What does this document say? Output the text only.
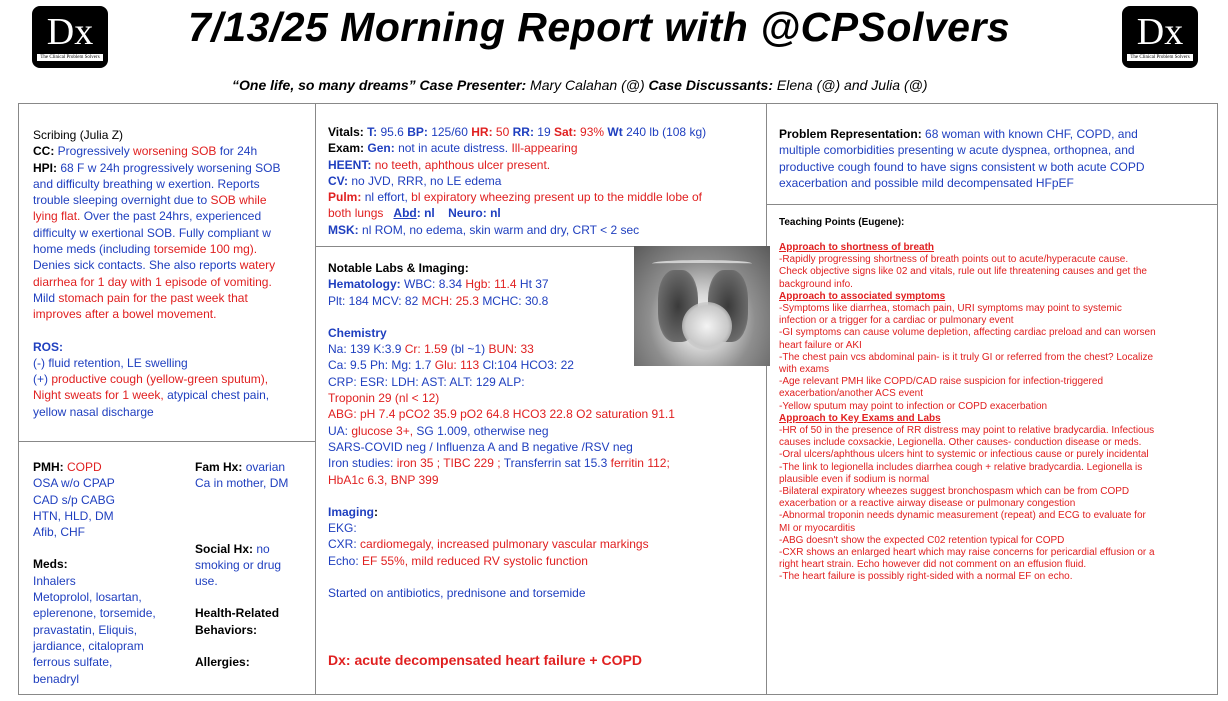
Dx
The Clinical Problem Solvers
Dx
The Clinical Problem Solvers
7/13/25 Morning Report with @CPSolvers
“One life, so many dreams” Case Presenter: Mary Calahan (@) Case Discussants: Elena (@) and Julia (@)
Scribing (Julia Z)
CC: Progressively worsening SOB for 24h
HPI: 68 F w 24h progressively worsening SOB
and difficulty breathing w exertion. Reports
trouble sleeping overnight due to SOB while
lying flat. Over the past 24hrs, experienced
difficulty w exertional SOB. Fully compliant w
home meds (including torsemide 100 mg).
Denies sick contacts. She also reports watery
diarrhea for 1 day with 1 episode of vomiting.
Mild stomach pain for the past week that
improves after a bowel movement.
ROS:
(-) fluid retention, LE swelling
(+) productive cough (yellow-green sputum),
Night sweats for 1 week, atypical chest pain,
yellow nasal discharge
PMH: COPD
OSA w/o CPAP
CAD s/p CABG
HTN, HLD, DM
Afib, CHF
Meds:
Inhalers
Metoprolol, losartan,
eplerenone, torsemide,
pravastatin, Eliquis,
jardiance, citalopram
ferrous sulfate,
benadryl
Fam Hx: ovarian
Ca in mother, DM
Social Hx: no
smoking or drug
use.
Health-Related
Behaviors:
Allergies:
Vitals: T: 95.6 BP: 125/60 HR: 50 RR: 19 Sat: 93% Wt 240 lb (108 kg)
Exam: Gen: not in acute distress. Ill-appearing
HEENT: no teeth, aphthous ulcer present.
CV: no JVD, RRR, no LE edema
Pulm: nl effort, bl expiratory wheezing present up to the middle lobe of
both lungs Abd: nl Neuro: nl
MSK: nl ROM, no edema, skin warm and dry, CRT < 2 sec
Notable Labs & Imaging:
Hematology: WBC: 8.34 Hgb: 11.4 Ht 37
Plt: 184 MCV: 82 MCH: 25.3 MCHC: 30.8
Chemistry
Na: 139 K:3.9 Cr: 1.59 (bl ~1) BUN: 33
Ca: 9.5 Ph: Mg: 1.7 Glu: 113 Cl:104 HCO3: 22
CRP: ESR: LDH: AST: ALT: 129 ALP:
Troponin 29 (nl < 12)
ABG: pH 7.4 pCO2 35.9 pO2 64.8 HCO3 22.8 O2 saturation 91.1
UA: glucose 3+, SG 1.009, otherwise neg
SARS-COVID neg / Influenza A and B negative /RSV neg
Iron studies: iron 35 ; TIBC 229 ; Transferrin sat 15.3 ferritin 112;
HbA1c 6.3, BNP 399
Imaging:
EKG:
CXR: cardiomegaly, increased pulmonary vascular markings
Echo: EF 55%, mild reduced RV systolic function
Started on antibiotics, prednisone and torsemide
Dx: acute decompensated heart failure + COPD
Problem Representation: 68 woman with known CHF, COPD, and
multiple comorbidities presenting w acute dyspnea, orthopnea, and
productive cough found to have signs consistent w both acute COPD
exacerbation and possible mild decompensated HFpEF
Teaching Points (Eugene):
Approach to shortness of breath
-Rapidly progressing shortness of breath points out to acute/hyperacute cause.
Check objective signs like 02 and vitals, rule out life threatening causes and get the
background info.
Approach to associated symptoms
-Symptoms like diarrhea, stomach pain, URI symptoms may point to systemic
infection or a trigger for a cardiac or pulmonary event
-GI symptoms can cause volume depletion, affecting cardiac preload and can worsen
heart failure or AKI
-The chest pain vcs abdominal pain- is it truly GI or referred from the chest? Localize
with exams
-Age relevant PMH like COPD/CAD raise suspicion for infection-triggered
exacerbation/another ACS event
-Yellow sputum may point to infection or COPD exacerbation
Approach to Key Exams and Labs
-HR of 50 in the presence of RR distress may point to relative bradycardia. Infectious
causes include coxsackie, Legionella. Other causes- conduction disease or meds.
-Oral ulcers/aphthous ulcers hint to systemic or infectious cause or purely incidental
-The link to legionella includes diarrhea cough + relative bradycardia. Legionella is
plausible even if sodium is normal
-Bilateral expiratory wheezes suggest bronchospasm which can be from COPD
exacerbation or a reactive airway disease or pulmonary congestion
-Abnormal troponin needs dynamic measurement (repeat) and ECG to evaluate for
MI or myocarditis
-ABG doesn't show the expected C02 retention typical for COPD
-CXR shows an enlarged heart which may raise concerns for pericardial effusion or a
right heart strain. Echo however did not comment on an effusion fluid.
-The heart failure is possibly right-sided with a normal EF on echo.
